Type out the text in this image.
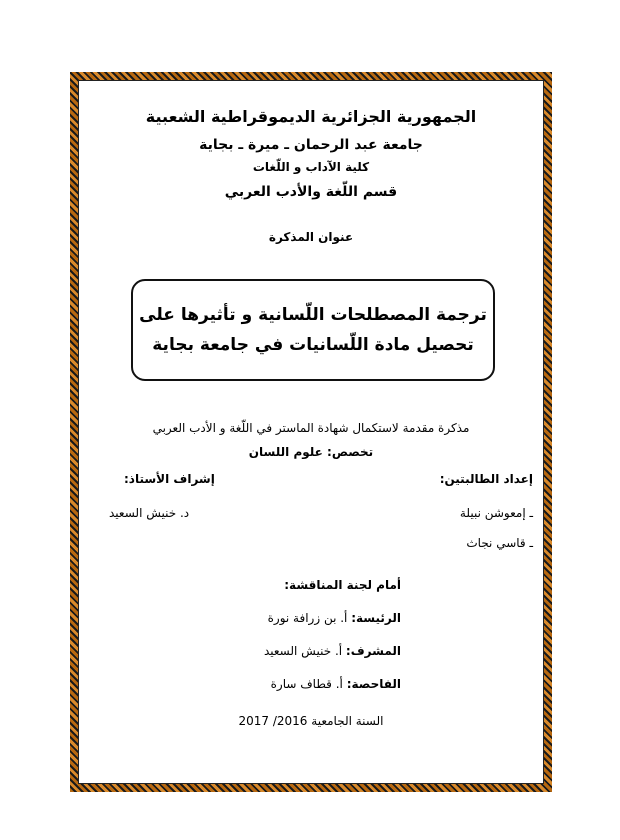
الجمهورية الجزائرية الديموقراطية الشعبية
جامعة عبد الرحمان ـ ميرة ـ بجاية
كلية الآداب و اللّغات
قسم اللّغة والأدب العربي
عنوان المذكرة
ترجمة المصطلحات اللّسانية و تأثيرها على
تحصيل مادة اللّسانيات في جامعة بجاية
مذكرة مقدمة لاستكمال شهادة الماستر في اللّغة و الأدب العربي
تخصص: علوم اللسان
إعداد الطالبتين:
ـ إمعوشن نبيلة
ـ قاسي نجاث
إشراف الأستاذ:
د. خنيش السعيد
أمام لجنة المناقشة:
الرئيسة: أ. بن زرافة نورة
المشرف: أ. خنيش السعيد
الفاحصة: أ. قطاف سارة
السنة الجامعية 2016/ 2017
